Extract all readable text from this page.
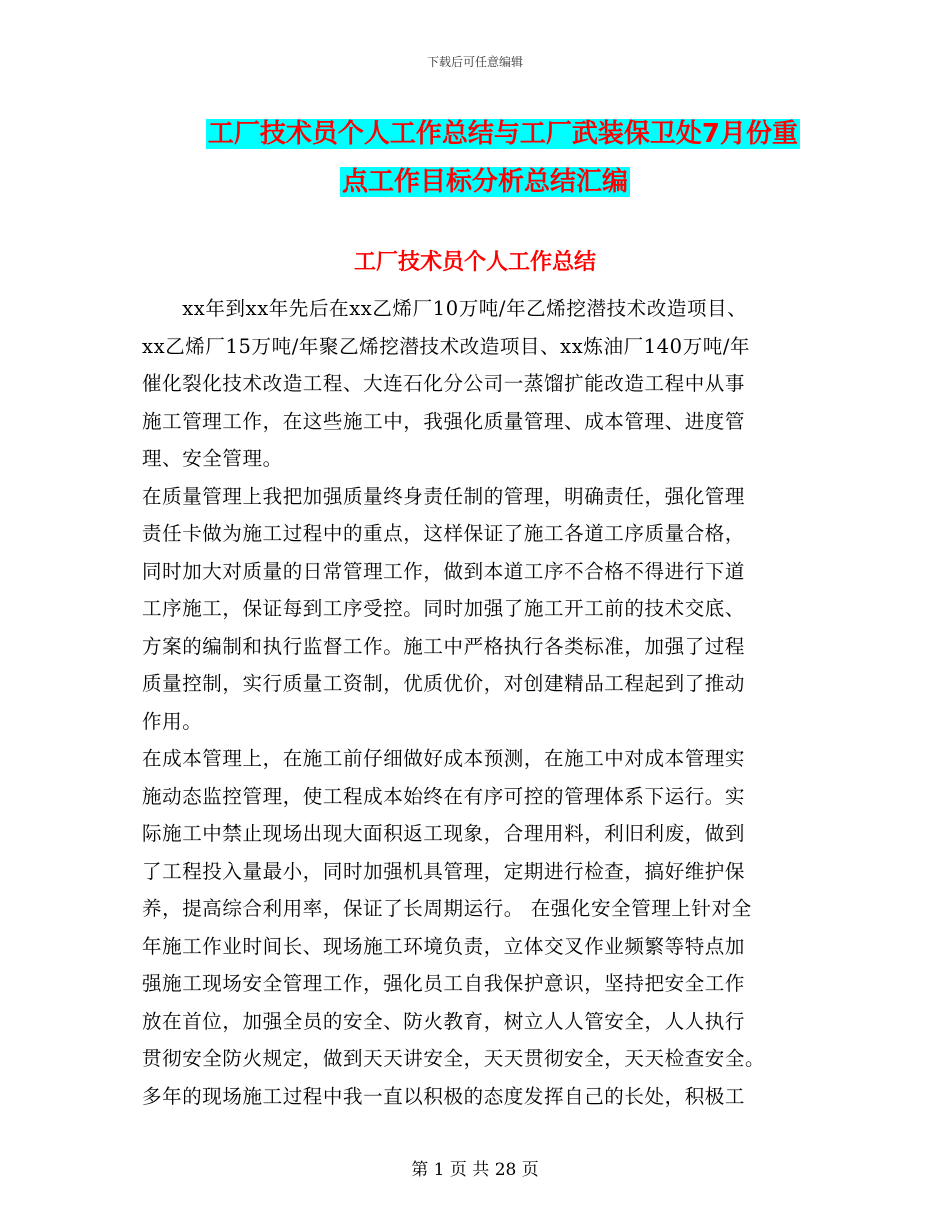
下载后可任意编辑
工厂技术员个人工作总结与工厂武装保卫处7月份重
点工作目标分析总结汇编
工厂技术员个人工作总结
　　xx年到xx年先后在xx乙烯厂10万吨/年乙烯挖潜技术改造项目、
xx乙烯厂15万吨/年聚乙烯挖潜技术改造项目、xx炼油厂140万吨/年
催化裂化技术改造工程、大连石化分公司一蒸馏扩能改造工程中从事
施工管理工作，在这些施工中，我强化质量管理、成本管理、进度管
理、安全管理。
在质量管理上我把加强质量终身责任制的管理，明确责任，强化管理
责任卡做为施工过程中的重点，这样保证了施工各道工序质量合格，
同时加大对质量的日常管理工作，做到本道工序不合格不得进行下道
工序施工，保证每到工序受控。同时加强了施工开工前的技术交底、
方案的编制和执行监督工作。施工中严格执行各类标准，加强了过程
质量控制，实行质量工资制，优质优价，对创建精品工程起到了推动
作用。
在成本管理上，在施工前仔细做好成本预测，在施工中对成本管理实
施动态监控管理，使工程成本始终在有序可控的管理体系下运行。实
际施工中禁止现场出现大面积返工现象，合理用料，利旧利废，做到
了工程投入量最小，同时加强机具管理，定期进行检查，搞好维护保
养，提高综合利用率，保证了长周期运行。 在强化安全管理上针对全
年施工作业时间长、现场施工环境负责，立体交叉作业频繁等特点加
强施工现场安全管理工作，强化员工自我保护意识，坚持把安全工作
放在首位，加强全员的安全、防火教育，树立人人管安全，人人执行
贯彻安全防火规定，做到天天讲安全，天天贯彻安全，天天检查安全。
多年的现场施工过程中我一直以积极的态度发挥自己的长处，积极工
第 1 页 共 28 页
